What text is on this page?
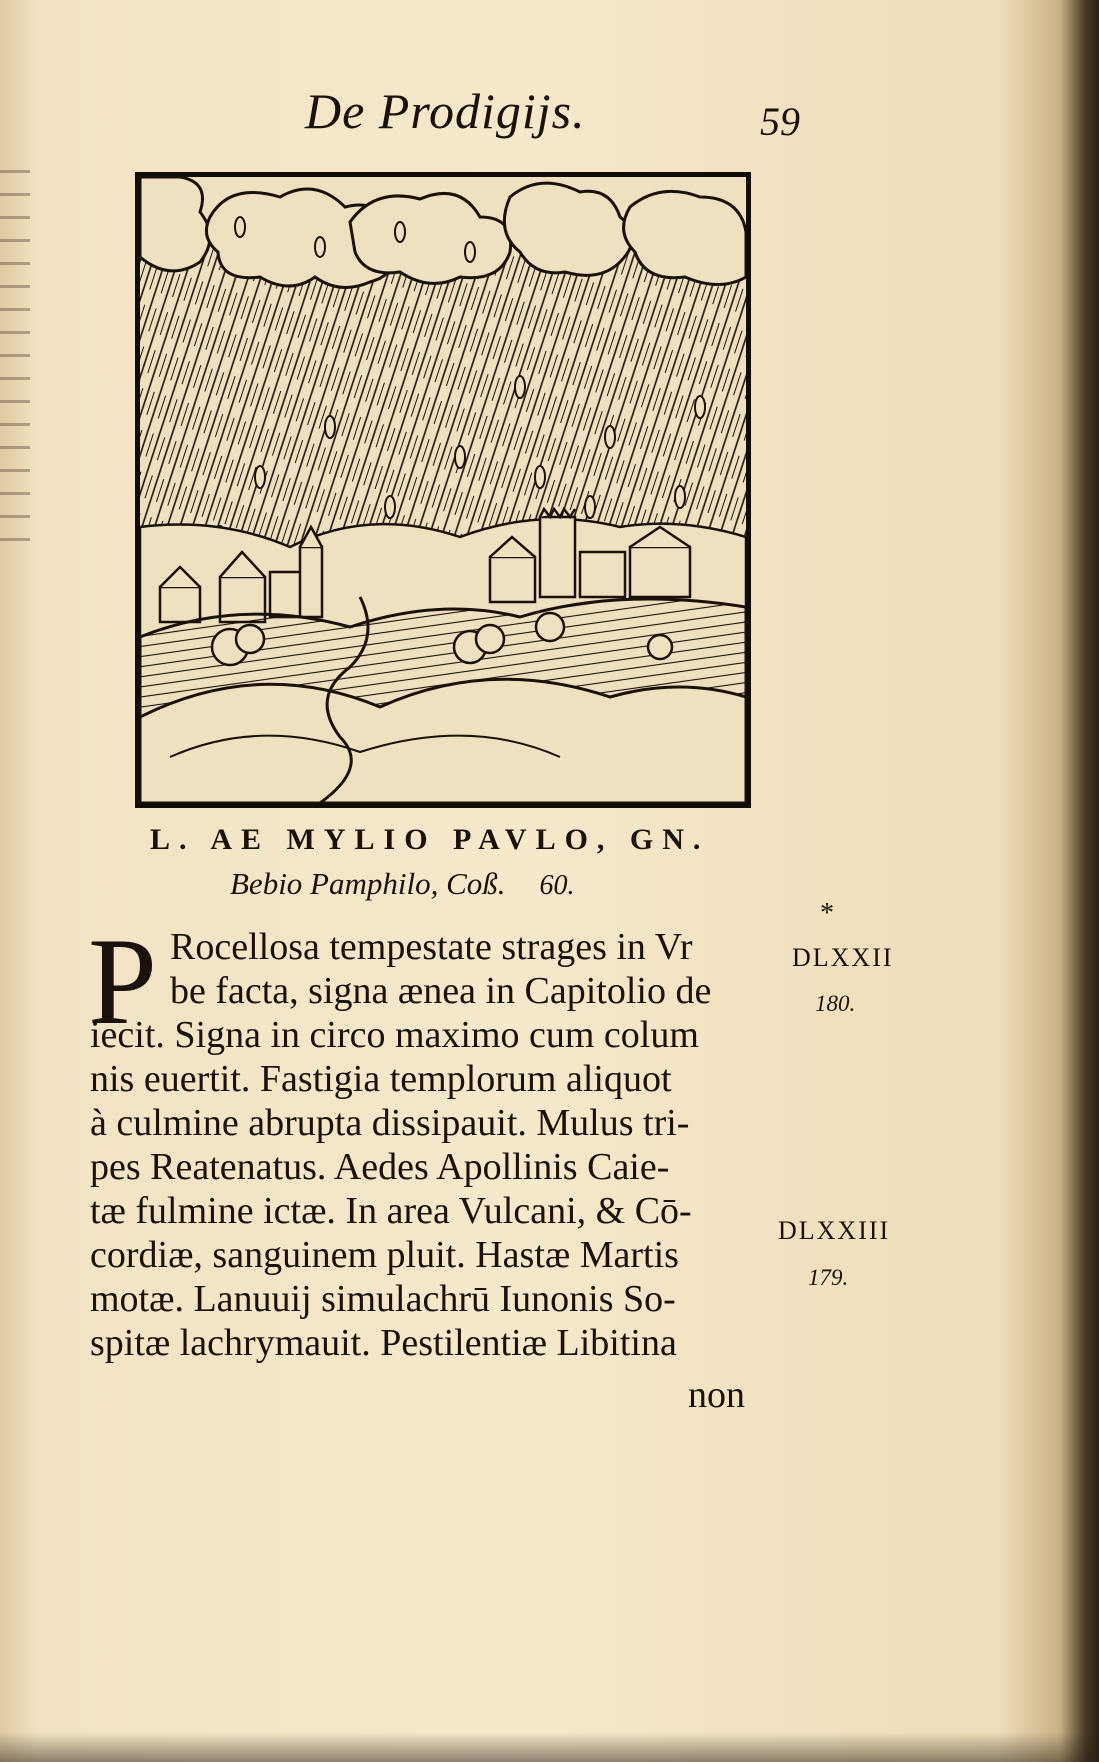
De Prodigijs.	59
L. AE MYLIO PAVLO, GN.
Bebio Pamphilo, Coß. 60.
P Rocellosa tempestate strages in Vr
be facta, signa ænea in Capitolio de
iecit. Signa in circo maximo cum colum
nis euertit. Fastigia templorum aliquot
à culmine abrupta dissipauit. Mulus tri-
pes Reatenatus. Aedes Apollinis Caie-
tæ fulmine ictæ. In area Vulcani, & Cō-
cordiæ, sanguinem pluit. Hastæ Martis
motæ. Lanuuij simulachrū Iunonis So-
spitæ lachrymauit. Pestilentiæ Libitina
non
*
DLXXII
180.
DLXXIII
179.
